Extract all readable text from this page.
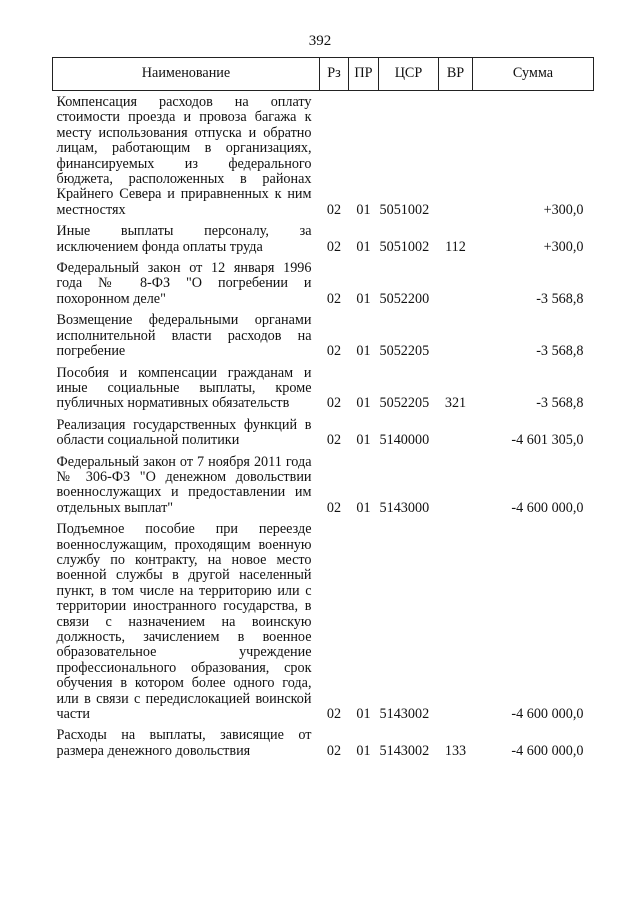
392
Наименование	Рз	ПР	ЦСР	ВР	Сумма
Компенсация расходов на оплату стоимости проезда и провоза багажа к месту использования отпуска и обратно лицам, работающим в организациях, финансируемых из федерального бюджета, расположенных в районах Крайнего Севера и приравненных к ним местностях	02	01	5051002		+300,0
Иные выплаты персоналу, за исключением фонда оплаты труда	02	01	5051002	112	+300,0
Федеральный закон от 12 января 1996 года № 8-ФЗ "О погребении и похоронном деле"	02	01	5052200		-3 568,8
Возмещение федеральными органами исполнительной власти расходов на погребение	02	01	5052205		-3 568,8
Пособия и компенсации гражданам и иные социальные выплаты, кроме публичных нормативных обязательств	02	01	5052205	321	-3 568,8
Реализация государственных функций в области социальной политики	02	01	5140000		-4 601 305,0
Федеральный закон от 7 ноября 2011 года № 306-ФЗ "О денежном довольствии военнослужащих и предоставлении им отдельных выплат"	02	01	5143000		-4 600 000,0
Подъемное пособие при переезде военнослужащим, проходящим военную службу по контракту, на новое место военной службы в другой населенный пункт, в том числе на территорию или с территории иностранного государства, в связи с назначением на воинскую должность, зачислением в военное образовательное учреждение профессионального образования, срок обучения в котором более одного года, или в связи с передислокацией воинской части	02	01	5143002		-4 600 000,0
Расходы на выплаты, зависящие от размера денежного довольствия	02	01	5143002	133	-4 600 000,0
